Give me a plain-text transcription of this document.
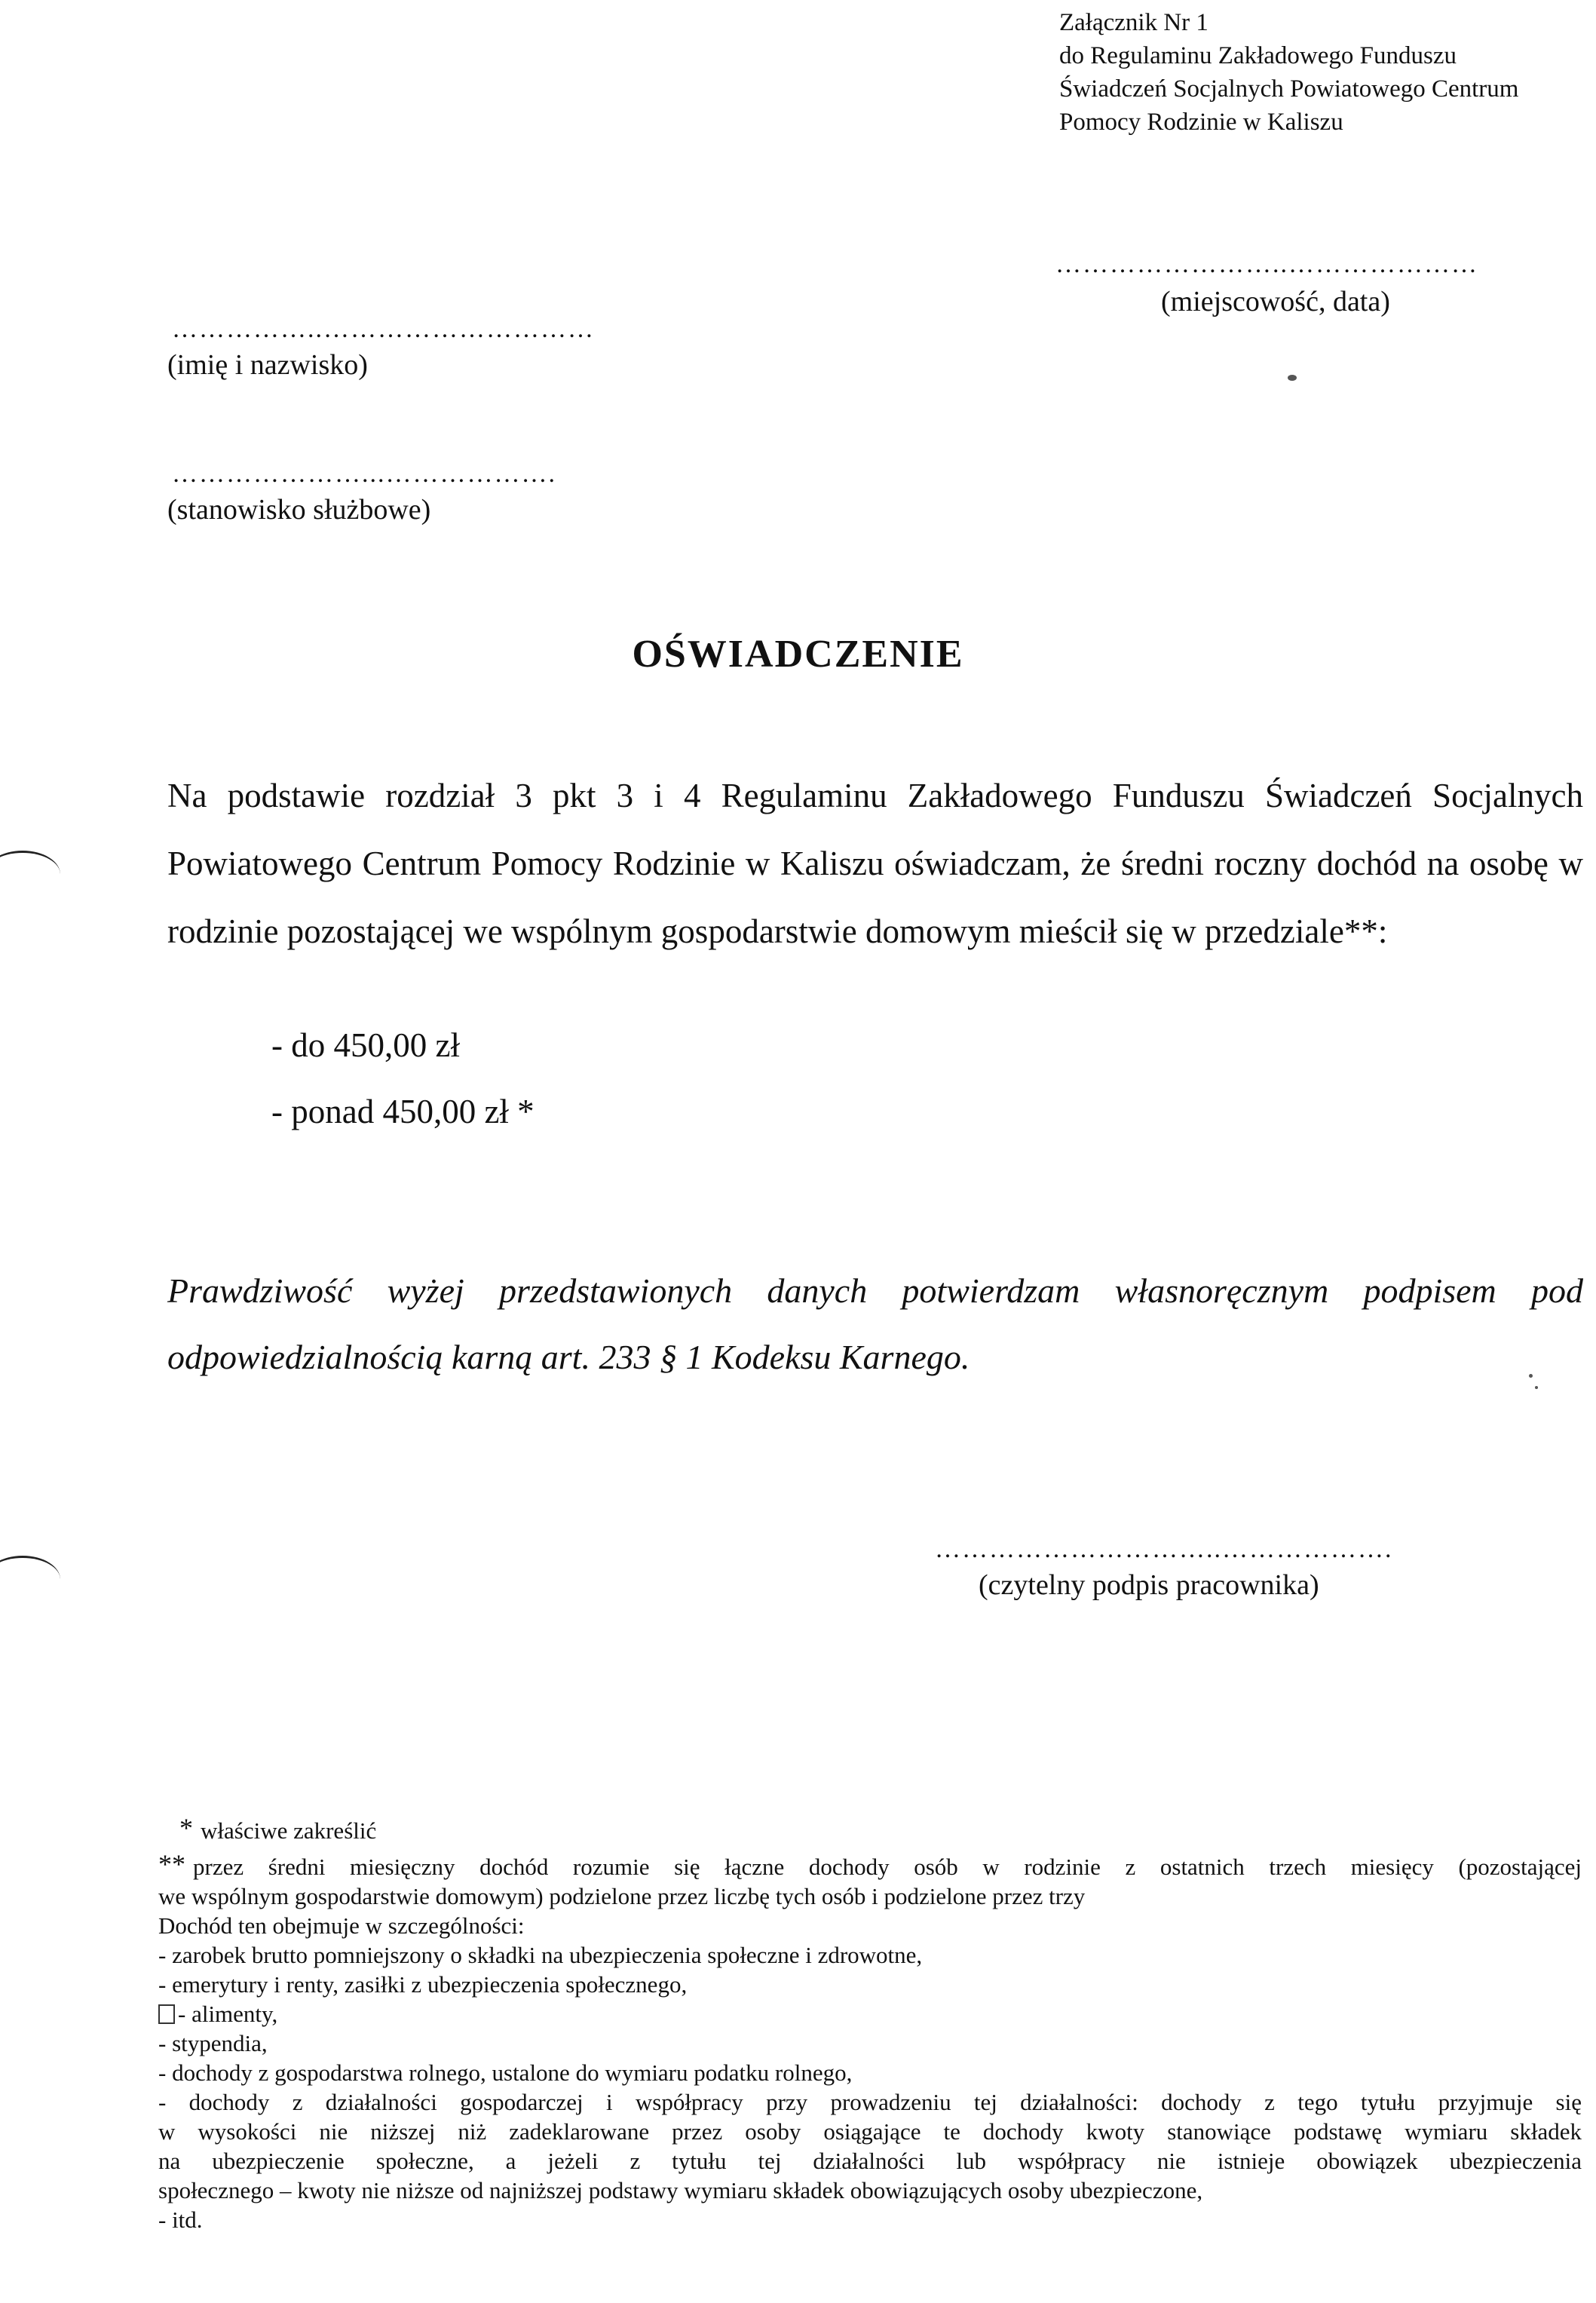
Załącznik Nr 1
do Regulaminu Zakładowego Funduszu
Świadczeń Socjalnych Powiatowego Centrum
Pomocy Rodzinie w Kaliszu
……………………..…………………
(miejscowość, data)
……………..…………………………
(imię i nazwisko)
…………………...……………….
(stanowisko służbowe)
OŚWIADCZENIE
Na podstawie rozdział 3 pkt 3 i 4 Regulaminu Zakładowego Funduszu Świadczeń Socjalnych Powiatowego Centrum Pomocy Rodzinie w Kaliszu oświadczam, że średni roczny dochód na osobę w rodzinie pozostającej we wspólnym gospodarstwie domowym mieścił się w przedziale**:
- do 450,00 zł
- ponad 450,00 zł *
Prawdziwość wyżej przedstawionych danych potwierdzam własnoręcznym podpisem pod odpowiedzialnością karną art. 233 § 1 Kodeksu Karnego.
…………………………..……………….
(czytelny podpis pracownika)
* właściwe zakreślić
** przez średni miesięczny dochód rozumie się łączne dochody osób w rodzinie z ostatnich trzech miesięcy (pozostającej
we wspólnym gospodarstwie domowym) podzielone przez liczbę tych osób i podzielone przez trzy
Dochód ten obejmuje w szczególności:
- zarobek brutto pomniejszony o składki na ubezpieczenia społeczne i zdrowotne,
- emerytury i renty, zasiłki z ubezpieczenia społecznego,
- alimenty,
- stypendia,
- dochody z gospodarstwa rolnego, ustalone do wymiaru podatku rolnego,
- dochody z działalności gospodarczej i współpracy przy prowadzeniu tej działalności: dochody z tego tytułu przyjmuje się
w wysokości nie niższej niż zadeklarowane przez osoby osiągające te dochody kwoty stanowiące podstawę wymiaru składek
na ubezpieczenie społeczne, a jeżeli z tytułu tej działalności lub współpracy nie istnieje obowiązek ubezpieczenia
społecznego – kwoty nie niższe od najniższej podstawy wymiaru składek obowiązujących osoby ubezpieczone,
- itd.
